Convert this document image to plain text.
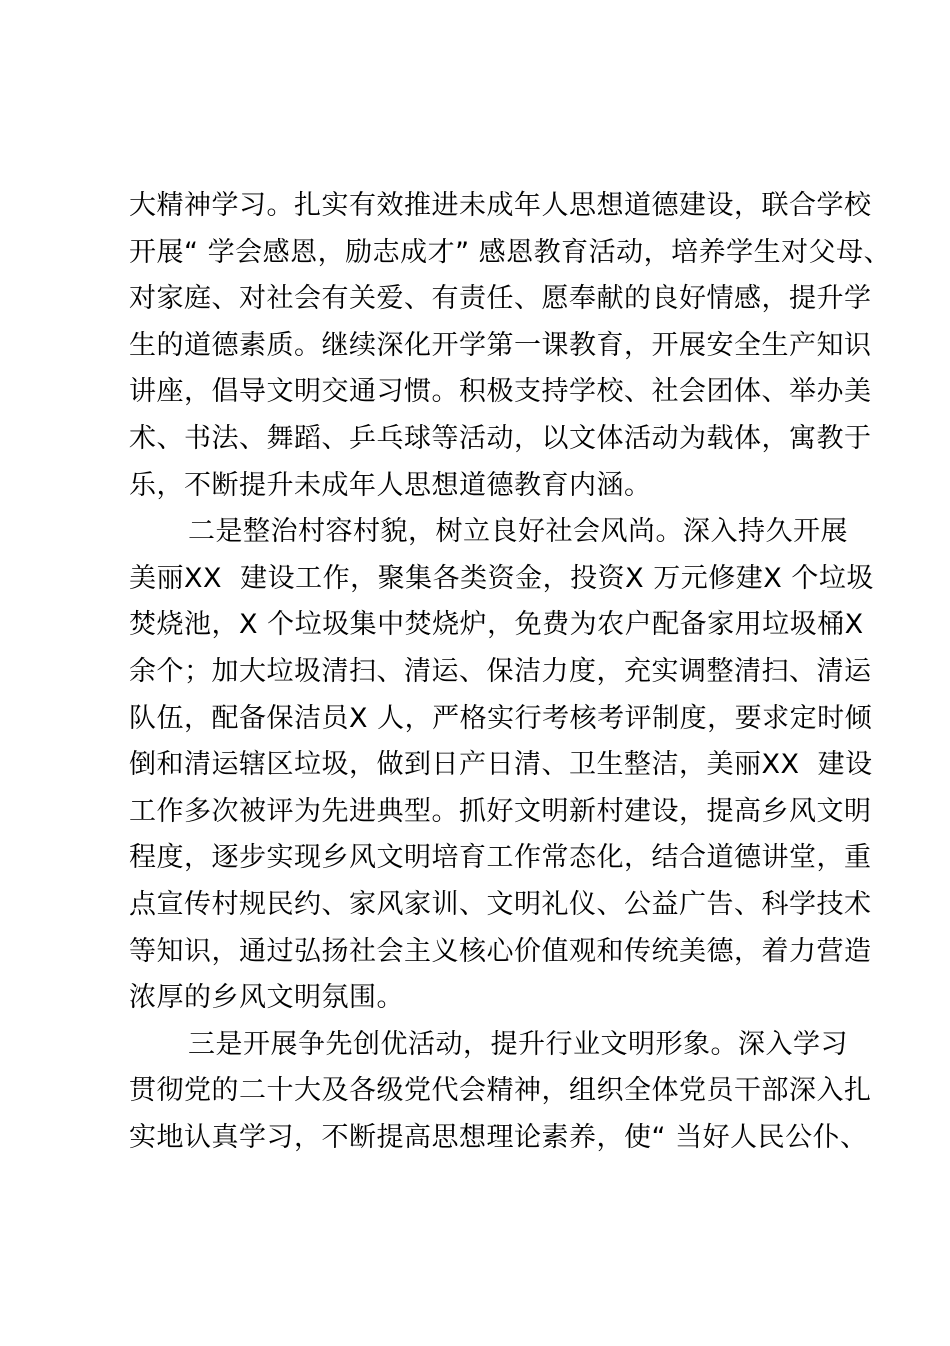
大精神学习。扎实有效推进未成年人思想道德建设，联合学校
开展“ 学会感恩，励志成才” 感恩教育活动，培养学生对父母、
对家庭、对社会有关爱、有责任、愿奉献的良好情感，提升学
生的道德素质。继续深化开学第一课教育，开展安全生产知识
讲座，倡导文明交通习惯。积极支持学校、社会团体、举办美
术、书法、舞蹈、乒乓球等活动，以文体活动为载体，寓教于
乐，不断提升未成年人思想道德教育内涵。
二是整治村容村貌，树立良好社会风尚。深入持久开展
美丽XX  建设工作，聚集各类资金，投资X 万元修建X 个垃圾
焚烧池，X 个垃圾集中焚烧炉，免费为农户配备家用垃圾桶X
余个；加大垃圾清扫、清运、保洁力度，充实调整清扫、清运
队伍，配备保洁员X 人，严格实行考核考评制度，要求定时倾
倒和清运辖区垃圾，做到日产日清、卫生整洁，美丽XX  建设
工作多次被评为先进典型。抓好文明新村建设，提高乡风文明
程度，逐步实现乡风文明培育工作常态化，结合道德讲堂，重
点宣传村规民约、家风家训、文明礼仪、公益广告、科学技术
等知识，通过弘扬社会主义核心价值观和传统美德，着力营造
浓厚的乡风文明氛围。
三是开展争先创优活动，提升行业文明形象。深入学习
贯彻党的二十大及各级党代会精神，组织全体党员干部深入扎
实地认真学习，不断提高思想理论素养，使“ 当好人民公仆、
